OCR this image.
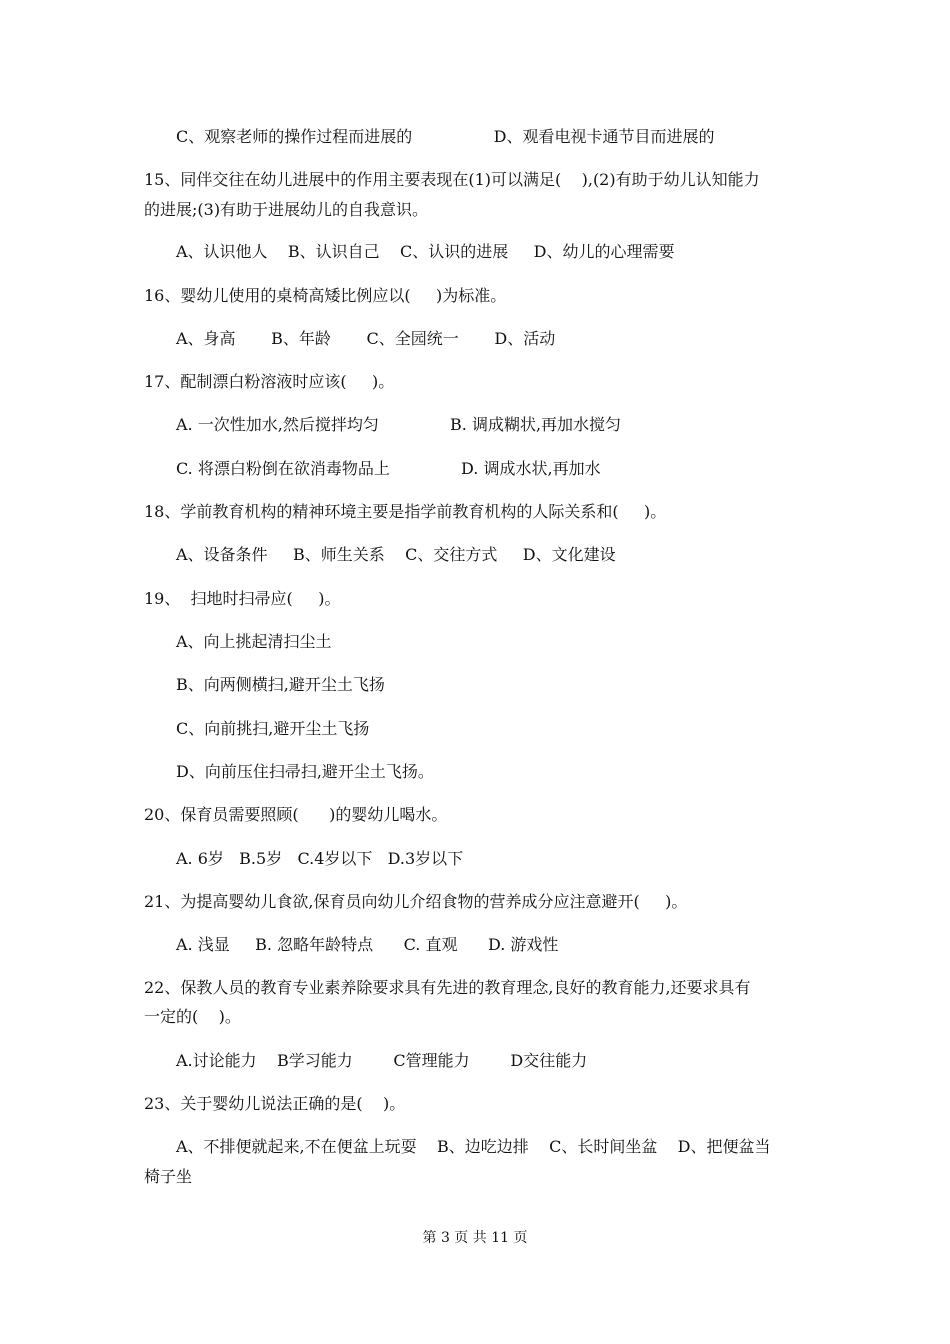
C、观察老师的操作过程而进展的                D、观看电视卡通节目而进展的
15、同伴交往在幼儿进展中的作用主要表现在(1)可以满足(    ),(2)有助于幼儿认知能力
的进展;(3)有助于进展幼儿的自我意识。
A、认识他人    B、认识自己    C、认识的进展     D、幼儿的心理需要
16、婴幼儿使用的桌椅高矮比例应以(     )为标准。
A、身高       B、年龄       C、全园统一       D、活动
17、配制漂白粉溶液时应该(     )。
A. 一次性加水,然后搅拌均匀              B. 调成糊状,再加水搅匀
C. 将漂白粉倒在欲消毒物品上              D. 调成水状,再加水
18、学前教育机构的精神环境主要是指学前教育机构的人际关系和(     )。
A、设备条件     B、师生关系    C、交往方式     D、文化建设
19、  扫地时扫帚应(     )。
A、向上挑起清扫尘土
B、向两侧横扫,避开尘土飞扬
C、向前挑扫,避开尘土飞扬
D、向前压住扫帚扫,避开尘土飞扬。
20、保育员需要照顾(      )的婴幼儿喝水。
A. 6岁   B.5岁   C.4岁以下   D.3岁以下
21、为提高婴幼儿食欲,保育员向幼儿介绍食物的营养成分应注意避开(     )。
A. 浅显     B. 忽略年龄特点      C. 直观      D. 游戏性
22、保教人员的教育专业素养除要求具有先进的教育理念,良好的教育能力,还要求具有
一定的(    )。
A.讨论能力    B学习能力        C管理能力        D交往能力
23、关于婴幼儿说法正确的是(    )。
A、不排便就起来,不在便盆上玩耍    B、边吃边排    C、长时间坐盆    D、把便盆当
椅子坐
第 3 页 共 11 页
